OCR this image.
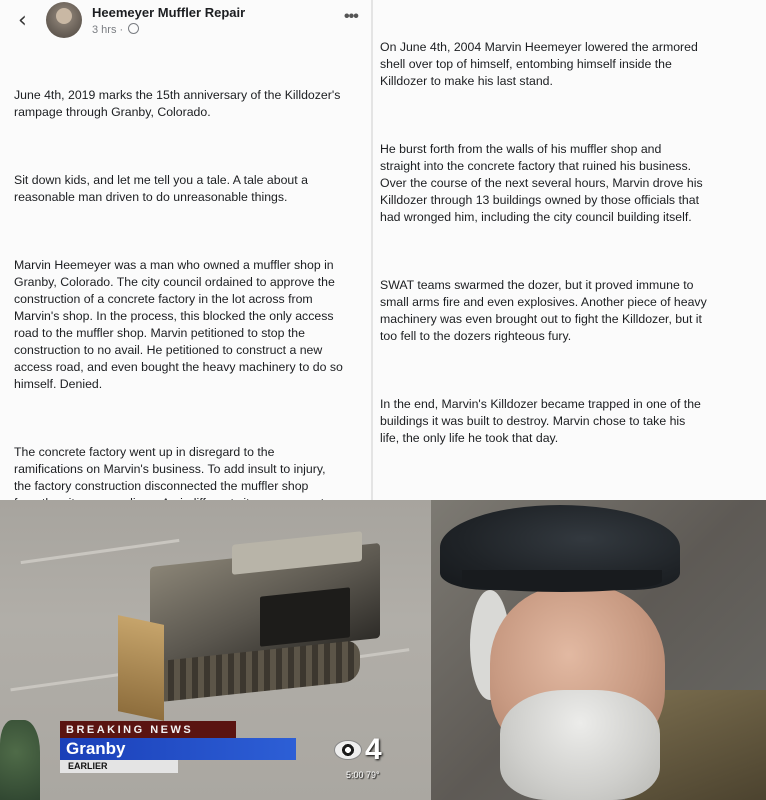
‹	Heemeyer Muffler Repair
3 hrs ·
•••

June 4th, 2019 marks the 15th anniversary of the Killdozer's
rampage through Granby, Colorado.

Sit down kids, and let me tell you a tale. A tale about a
reasonable man driven to do unreasonable things.

Marvin Heemeyer was a man who owned a muffler shop in
Granby, Colorado. The city council ordained to approve the
construction of a concrete factory in the lot across from
Marvin's shop. In the process, this blocked the only access
road to the muffler shop. Marvin petitioned to stop the
construction to no avail. He petitioned to construct a new
access road, and even bought the heavy machinery to do so
himself. Denied.

The concrete factory went up in disregard to the
ramifications on Marvin's business. To add insult to injury,
the factory construction disconnected the muffler shop

On June 4th, 2004 Marvin Heemeyer lowered the armored
shell over top of himself, entombing himself inside the
Killdozer to make his last stand.

He burst forth from the walls of his muffler shop and
straight into the concrete factory that ruined his business.
Over the course of the next several hours, Marvin drove his
Killdozer through 13 buildings owned by those officials that
had wronged him, including the city council building itself.

SWAT teams swarmed the dozer, but it proved immune to
small arms fire and even explosives. Another piece of heavy
machinery was even brought out to fight the Killdozer, but it
too fell to the dozers righteous fury.

In the end, Marvin's Killdozer became trapped in one of the
buildings it was built to destroy. Marvin chose to take his
life, the only life he took that day.

BREAKING NEWS
Granby
EARLIER	4
5:00 79°
